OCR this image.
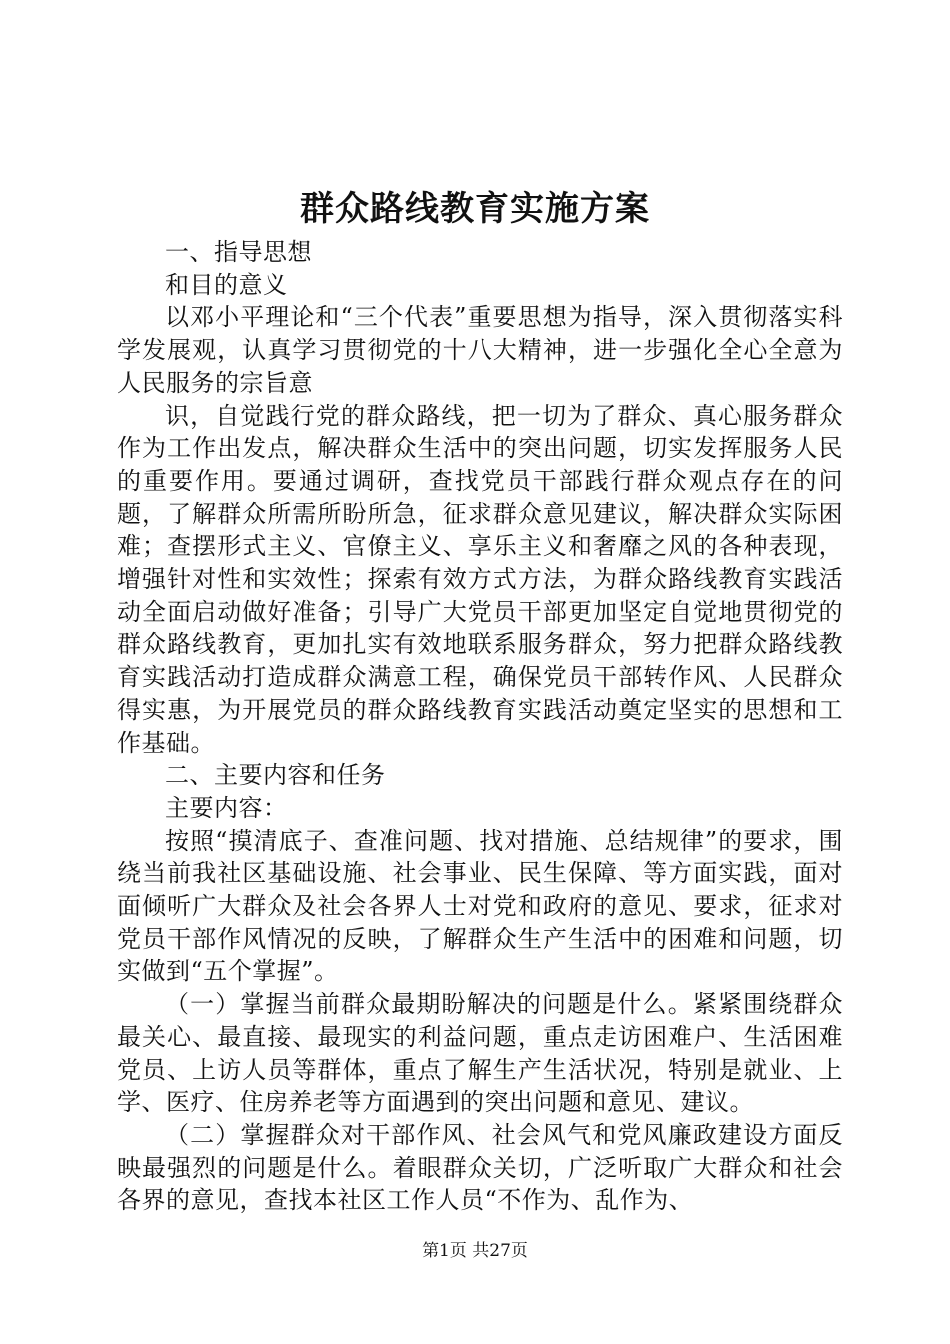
群众路线教育实施方案

一、指导思想

和目的意义

以邓小平理论和“三个代表”重要思想为指导，深入贯彻落实科学发展观，认真学习贯彻党的十八大精神，进一步强化全心全意为人民服务的宗旨意

识，自觉践行党的群众路线，把一切为了群众、真心服务群众作为工作出发点，解决群众生活中的突出问题，切实发挥服务人民的重要作用。要通过调研，查找党员干部践行群众观点存在的问题，了解群众所需所盼所急，征求群众意见建议，解决群众实际困难；查摆形式主义、官僚主义、享乐主义和奢靡之风的各种表现，增强针对性和实效性；探索有效方式方法，为群众路线教育实践活动全面启动做好准备；引导广大党员干部更加坚定自觉地贯彻党的群众路线教育，更加扎实有效地联系服务群众，努力把群众路线教育实践活动打造成群众满意工程，确保党员干部转作风、人民群众得实惠，为开展党员的群众路线教育实践活动奠定坚实的思想和工作基础。

二、主要内容和任务

主要内容：

按照“摸清底子、查准问题、找对措施、总结规律”的要求，围绕当前我社区基础设施、社会事业、民生保障、等方面实践，面对面倾听广大群众及社会各界人士对党和政府的意见、要求，征求对党员干部作风情况的反映，了解群众生产生活中的困难和问题，切实做到“五个掌握”。

（一）掌握当前群众最期盼解决的问题是什么。紧紧围绕群众最关心、最直接、最现实的利益问题，重点走访困难户、生活困难党员、上访人员等群体，重点了解生产生活状况，特别是就业、上学、医疗、住房养老等方面遇到的突出问题和意见、建议。

（二）掌握群众对干部作风、社会风气和党风廉政建设方面反映最强烈的问题是什么。着眼群众关切，广泛听取广大群众和社会各界的意见，查找本社区工作人员“不作为、乱作为、

第1页 共27页
